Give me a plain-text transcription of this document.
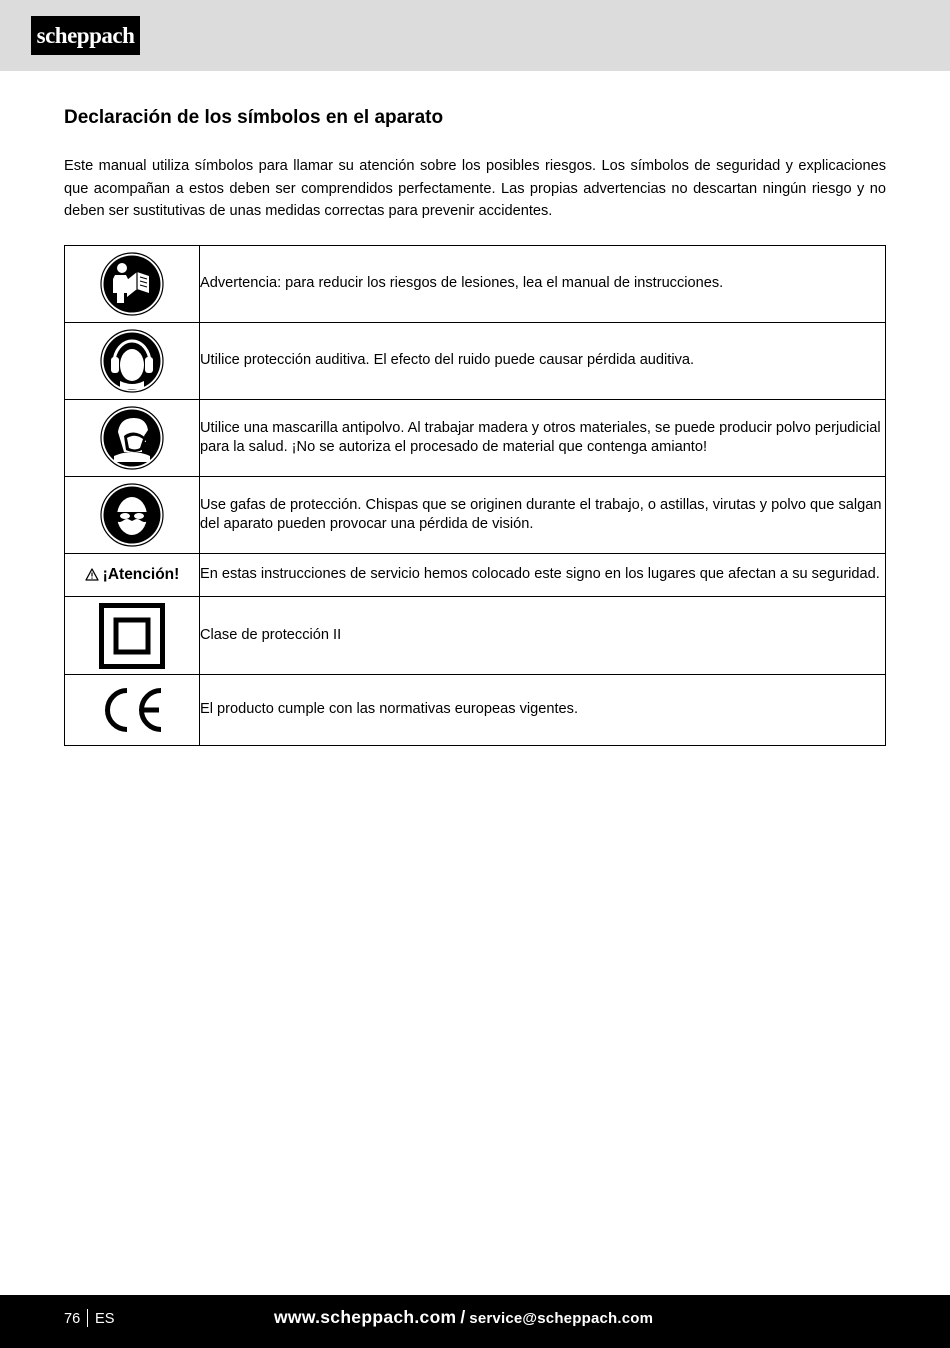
scheppach
Declaración de los símbolos en el aparato

Este manual utiliza símbolos para llamar su atención sobre los posibles riesgos. Los símbolos de seguridad y explicaciones que acompañan a estos deben ser comprendidos perfectamente. Las propias advertencias no descartan ningún riesgo y no deben ser sustitutivas de unas medidas correctas para prevenir accidentes.

	Advertencia: para reducir los riesgos de lesiones, lea el manual de instrucciones.
	Utilice protección auditiva. El efecto del ruido puede causar pérdida auditiva.
	Utilice una mascarilla antipolvo. Al trabajar madera y otros materiales, se puede producir polvo perjudicial para la salud. ¡No se autoriza el procesado de material que contenga amianto!
	Use gafas de protección. Chispas que se originen durante el trabajo, o astillas, virutas y polvo que salgan del aparato pueden provocar una pérdida de visión.
¡Atención!	En estas instrucciones de servicio hemos colocado este signo en los lugares que afectan a su seguridad.
	Clase de protección II
	El producto cumple con las normativas europeas vigentes.
76 ES	www.scheppach.com / service@scheppach.com
